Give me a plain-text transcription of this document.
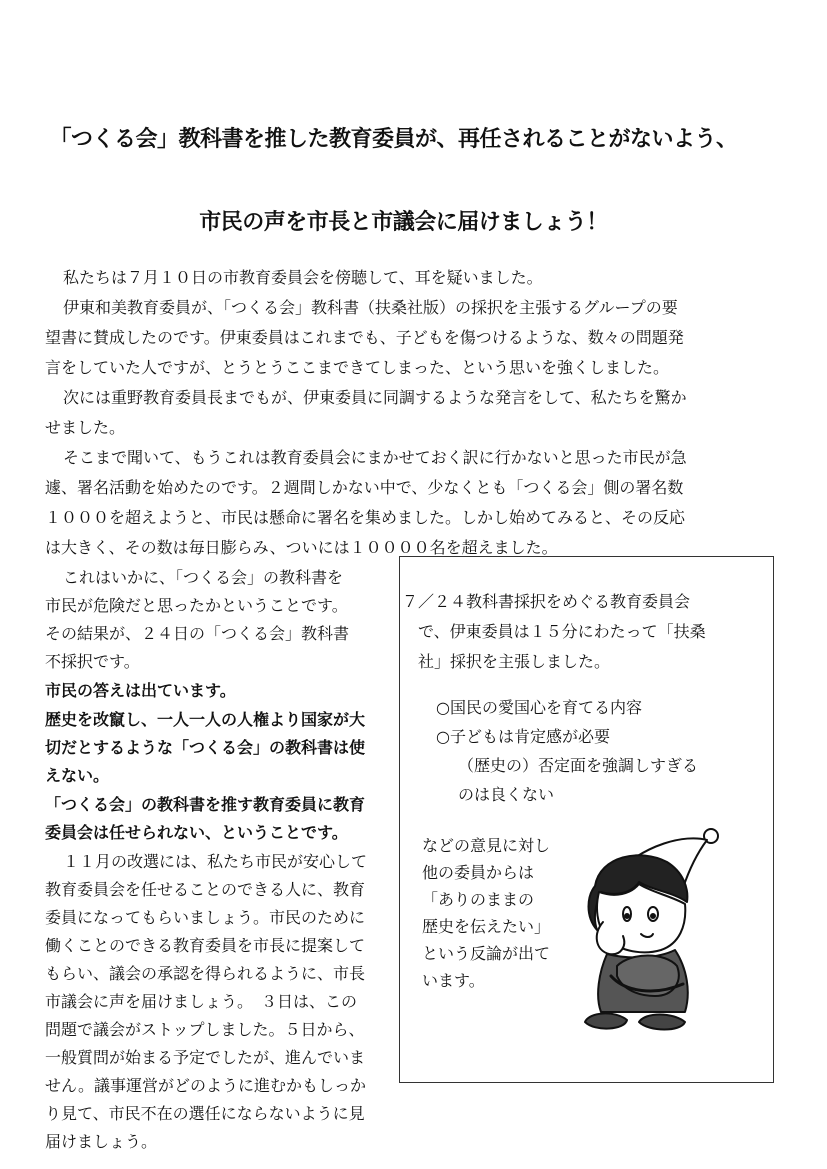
「つくる会」教科書を推した教育委員が、再任されることがないよう、
市民の声を市長と市議会に届けましょう！
私たちは７月１０日の市教育委員会を傍聴して、耳を疑いました。
伊東和美教育委員が、「つくる会」教科書（扶桑社版）の採択を主張するグループの要
望書に賛成したのです。伊東委員はこれまでも、子どもを傷つけるような、数々の問題発
言をしていた人ですが、とうとうここまできてしまった、という思いを強くしました。
次には重野教育委員長までもが、伊東委員に同調するような発言をして、私たちを驚か
せました。
そこまで聞いて、もうこれは教育委員会にまかせておく訳に行かないと思った市民が急
遽、署名活動を始めたのです。２週間しかない中で、少なくとも「つくる会」側の署名数
１０００を超えようと、市民は懸命に署名を集めました。しかし始めてみると、その反応
は大きく、その数は毎日膨らみ、ついには１００００名を超えました。
これはいかに、「つくる会」の教科書を
市民が危険だと思ったかということです。
その結果が、２４日の「つくる会」教科書
不採択です。
市民の答えは出ています。
歴史を改竄し、一人一人の人権より国家が大
切だとするような「つくる会」の教科書は使
えない。
「つくる会」の教科書を推す教育委員に教育
委員会は任せられない、ということです。
１１月の改選には、私たち市民が安心して
教育委員会を任せることのできる人に、教育
委員になってもらいましょう。市民のために
働くことのできる教育委員を市長に提案して
もらい、議会の承認を得られるように、市長
市議会に声を届けましょう。　３日は、この
問題で議会がストップしました。５日から、
一般質問が始まる予定でしたが、進んでいま
せん。議事運営がどのように進むかもしっか
り見て、市民不在の選任にならないように見
届けましょう。
７／２４教科書採択をめぐる教育委員会
で、伊東委員は１５分にわたって「扶桑
社」採択を主張しました。
○国民の愛国心を育てる内容
○子どもは肯定感が必要
（歴史の）否定面を強調しすぎる
のは良くない
などの意見に対し
他の委員からは
「ありのままの
歴史を伝えたい」
という反論が出て
います。
